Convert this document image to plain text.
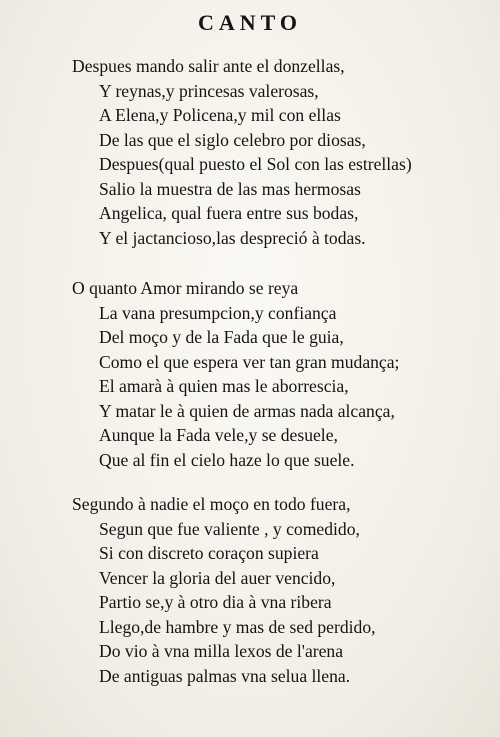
CANTO

Despues mando salir ante el donzellas,
Y reynas,y princesas valerosas,
A Elena,y Policena,y mil con ellas
De las que el siglo celebro por diosas,
Despues(qual puesto el Sol con las estrellas)
Salio la muestra de las mas hermosas
Angelica, qual fuera entre sus bodas,
Y el jactancioso,las despreció à todas.
O quanto Amor mirando se reya
La vana presumpcion,y confiança
Del moço y de la Fada que le guia,
Como el que espera ver tan gran mudança;
El amarà à quien mas le aborrescia,
Y matar le à quien de armas nada alcança,
Aunque la Fada vele,y se desuele,
Que al fin el cielo haze lo que suele.
Segundo à nadie el moço en todo fuera,
Segun que fue valiente , y comedido,
Si con discreto coraçon supiera
Vencer la gloria del auer vencido,
Partio se,y à otro dia à vna ribera
Llego,de hambre y mas de sed perdido,
Do vio à vna milla lexos de l'arena
De antiguas palmas vna selua llena.
